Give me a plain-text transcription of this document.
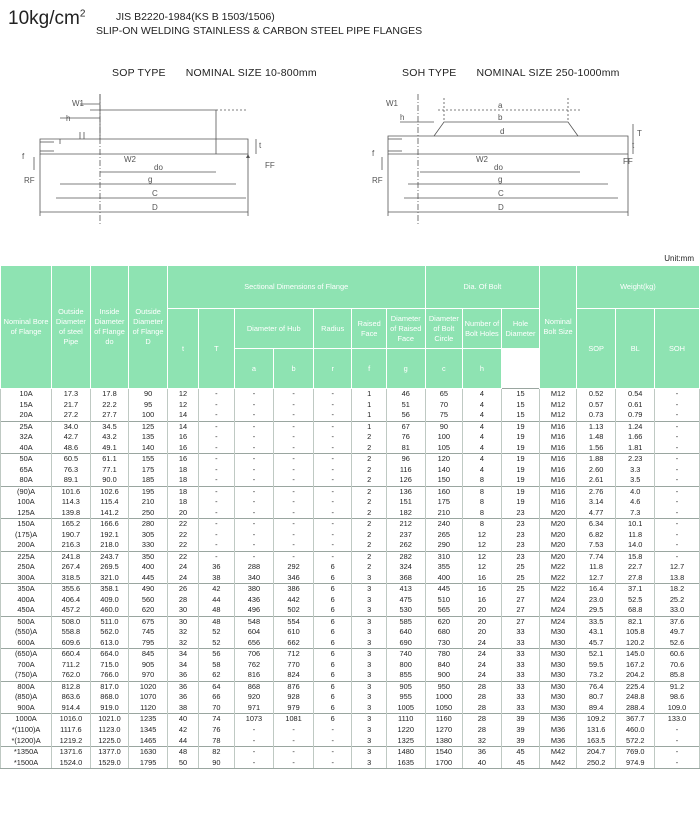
$10kg/cm^2$	JIS B2220-1984(KS B 1503/1506)
SLIP-ON WELDING STAINLESS & CARBON STEEL PIPE FLANGES
SOP TYPE NOMINAL SIZE 10-800mm	SOH TYPE NOMINAL SIZE 250-1000mm
W1
h
W2
do
g
C
D
t
f
RF
FF
W1
h
a
b
d
W2
do
g
C
D
T
t
f
RF
FF
Unit:mm
Nominal Bore of Flange	Outside Diameter of steel Pipe	Inside Diameter of Flange do	Outside Diameter of Flange D	Sectional Dimensions of Flange							Dia. Of Bolt			Nominal Bolt Size	Weight(kg)		
				t	T	Diameter of Hub		Radius	Raised Face	Diameter of Raised Face	Diameter of Bolt Circle	Number of Bolt Holes	Hole Diameter		SOP	BL	SOH
						a	b	r	f	g	c	h					
10A	17.3	17.8	90	12	-	-	-	-	1	46	65	4	15	M12	0.52	0.54	-
15A	21.7	22.2	95	12	-	-	-	-	1	51	70	4	15	M12	0.57	0.61	-
20A	27.2	27.7	100	14	-	-	-	-	1	56	75	4	15	M12	0.73	0.79	-
25A	34.0	34.5	125	14	-	-	-	-	1	67	90	4	19	M16	1.13	1.24	-
32A	42.7	43.2	135	16	-	-	-	-	2	76	100	4	19	M16	1.48	1.66	-
40A	48.6	49.1	140	16	-	-	-	-	2	81	105	4	19	M16	1.56	1.81	-
50A	60.5	61.1	155	16	-	-	-	-	2	96	120	4	19	M16	1.88	2.23	-
65A	76.3	77.1	175	18	-	-	-	-	2	116	140	4	19	M16	2.60	3.3	-
80A	89.1	90.0	185	18	-	-	-	-	2	126	150	8	19	M16	2.61	3.5	-
(90)A	101.6	102.6	195	18	-	-	-	-	2	136	160	8	19	M16	2.76	4.0	-
100A	114.3	115.4	210	18	-	-	-	-	2	151	175	8	19	M16	3.14	4.6	-
125A	139.8	141.2	250	20	-	-	-	-	2	182	210	8	23	M20	4.77	7.3	-
150A	165.2	166.6	280	22	-	-	-	-	2	212	240	8	23	M20	6.34	10.1	-
(175)A	190.7	192.1	305	22	-	-	-	-	2	237	265	12	23	M20	6.82	11.8	-
200A	216.3	218.0	330	22	-	-	-	-	2	262	290	12	23	M20	7.53	14.0	-
225A	241.8	243.7	350	22	-	-	-	-	2	282	310	12	23	M20	7.74	15.8	-
250A	267.4	269.5	400	24	36	288	292	6	2	324	355	12	25	M22	11.8	22.7	12.7
300A	318.5	321.0	445	24	38	340	346	6	3	368	400	16	25	M22	12.7	27.8	13.8
350A	355.6	358.1	490	26	42	380	386	6	3	413	445	16	25	M22	16.4	37.1	18.2
400A	406.4	409.0	560	28	44	436	442	6	3	475	510	16	27	M24	23.0	52.5	25.2
450A	457.2	460.0	620	30	48	496	502	6	3	530	565	20	27	M24	29.5	68.8	33.0
500A	508.0	511.0	675	30	48	548	554	6	3	585	620	20	27	M24	33.5	82.1	37.6
(550)A	558.8	562.0	745	32	52	604	610	6	3	640	680	20	33	M30	43.1	105.8	49.7
600A	609.6	613.0	795	32	52	656	662	6	3	690	730	24	33	M30	45.7	120.2	52.6
(650)A	660.4	664.0	845	34	56	706	712	6	3	740	780	24	33	M30	52.1	145.0	60.6
700A	711.2	715.0	905	34	58	762	770	6	3	800	840	24	33	M30	59.5	167.2	70.6
(750)A	762.0	766.0	970	36	62	816	824	6	3	855	900	24	33	M30	73.2	204.2	85.8
800A	812.8	817.0	1020	36	64	868	876	6	3	905	950	28	33	M30	76.4	225.4	91.2
(850)A	863.6	868.0	1070	36	66	920	928	6	3	955	1000	28	33	M30	80.7	248.8	98.6
900A	914.4	919.0	1120	38	70	971	979	6	3	1005	1050	28	33	M30	89.4	288.4	109.0
1000A	1016.0	1021.0	1235	40	74	1073	1081	6	3	1110	1160	28	39	M36	109.2	367.7	133.0
*(1100)A	1117.6	1123.0	1345	42	76	-	-	-	3	1220	1270	28	39	M36	131.6	460.0	-
*(1200)A	1219.2	1225.0	1465	44	78	-	-	-	3	1325	1380	32	39	M36	163.5	572.2	-
*1350A	1371.6	1377.0	1630	48	82	-	-	-	3	1480	1540	36	45	M42	204.7	769.0	-
*1500A	1524.0	1529.0	1795	50	90	-	-	-	3	1635	1700	40	45	M42	250.2	974.9	-
